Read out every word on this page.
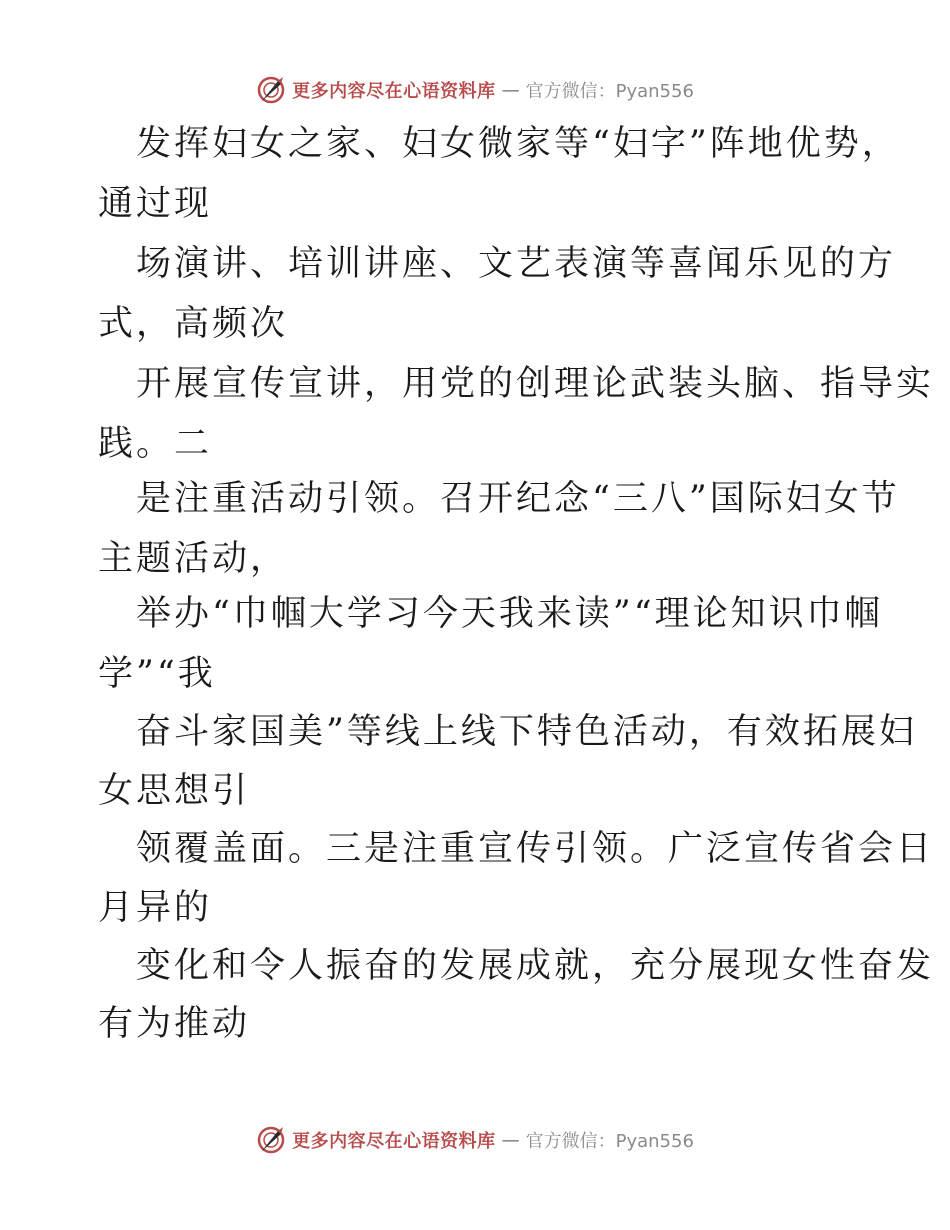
更多内容尽在心语资料库 — 官方微信：Pyan556
发挥妇女之家、妇女微家等“妇字”阵地优势，
通过现
场演讲、培训讲座、文艺表演等喜闻乐见的方
式，高频次
开展宣传宣讲，用党的创理论武装头脑、指导实
践。二
是注重活动引领。召开纪念“三八”国际妇女节
主题活动，
举办“巾帼大学习今天我来读”“理论知识巾帼
学”“我
奋斗家国美”等线上线下特色活动，有效拓展妇
女思想引
领覆盖面。三是注重宣传引领。广泛宣传省会日
月异的
变化和令人振奋的发展成就，充分展现女性奋发
有为推动
更多内容尽在心语资料库 — 官方微信：Pyan556
